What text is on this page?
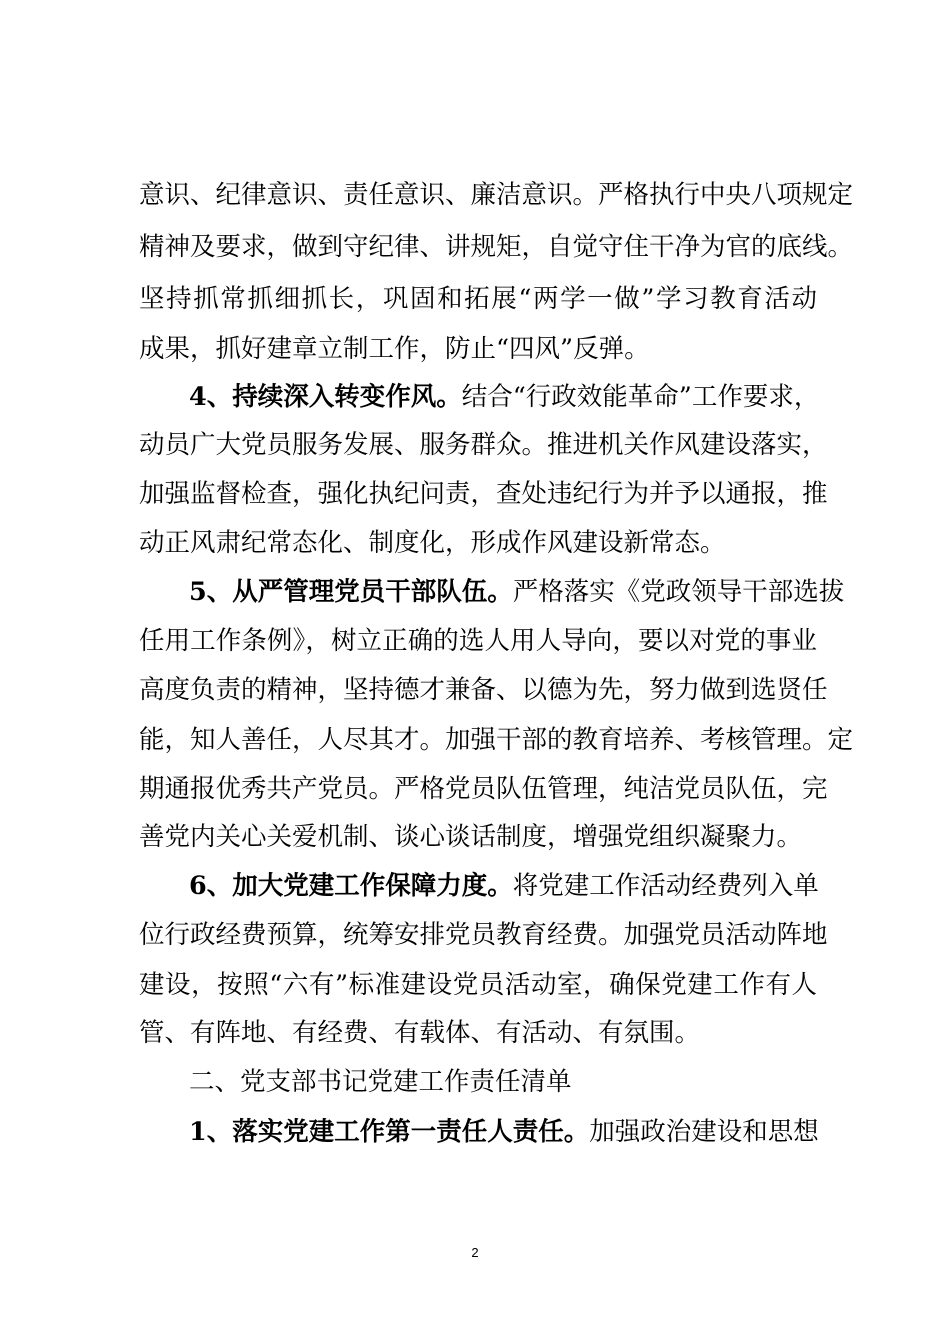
意识、纪律意识、责任意识、廉洁意识。严格执行中央八项规定
精神及要求，做到守纪律、讲规矩，自觉守住干净为官的底线。
坚持抓常抓细抓长，巩固和拓展“两学一做”学习教育活动
成果，抓好建章立制工作，防止“四风”反弹。
4、持续深入转变作风。结合“行政效能革命”工作要求，
动员广大党员服务发展、服务群众。推进机关作风建设落实，
加强监督检查，强化执纪问责，查处违纪行为并予以通报，推
动正风肃纪常态化、制度化，形成作风建设新常态。
5、从严管理党员干部队伍。严格落实《党政领导干部选拔
任用工作条例》，树立正确的选人用人导向，要以对党的事业
高度负责的精神，坚持德才兼备、以德为先，努力做到选贤任
能，知人善任，人尽其才。加强干部的教育培养、考核管理。定
期通报优秀共产党员。严格党员队伍管理，纯洁党员队伍，完
善党内关心关爱机制、谈心谈话制度，增强党组织凝聚力。
6、加大党建工作保障力度。将党建工作活动经费列入单
位行政经费预算，统筹安排党员教育经费。加强党员活动阵地
建设，按照“六有”标准建设党员活动室，确保党建工作有人
管、有阵地、有经费、有载体、有活动、有氛围。
二、党支部书记党建工作责任清单
1、落实党建工作第一责任人责任。加强政治建设和思想
2
